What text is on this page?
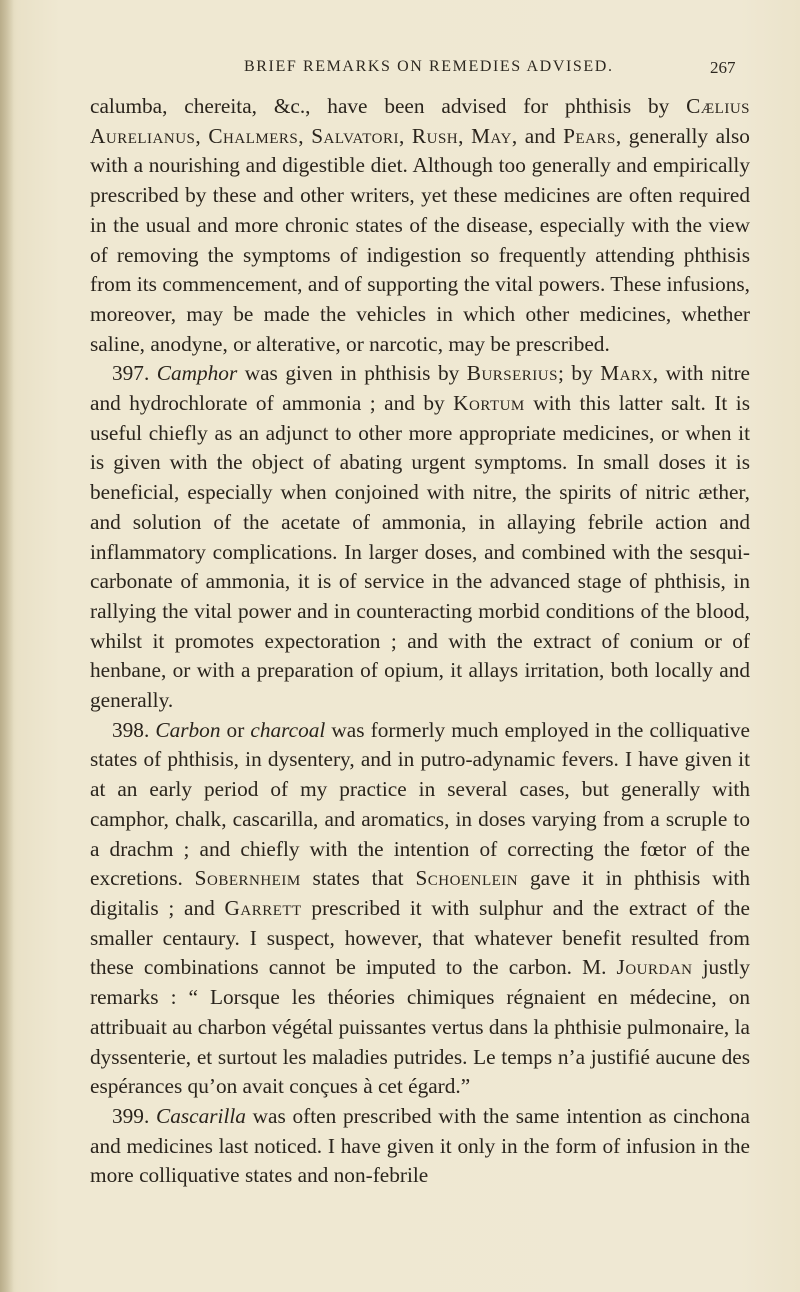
BRIEF REMARKS ON REMEDIES ADVISED.	267

calumba, chereita, &c., have been advised for phthisis by Cælius Aurelianus, Chalmers, Salvatori, Rush, May, and Pears, generally also with a nourishing and digestible diet. Although too generally and empirically prescribed by these and other writers, yet these medicines are often required in the usual and more chronic states of the disease, especially with the view of removing the symptoms of indigestion so frequently attending phthisis from its commencement, and of supporting the vital powers. These infusions, moreover, may be made the vehicles in which other medicines, whether saline, anodyne, or alterative, or narcotic, may be prescribed.

397. Camphor was given in phthisis by Burserius; by Marx, with nitre and hydrochlorate of ammonia ; and by Kortum with this latter salt. It is useful chiefly as an adjunct to other more appropriate medicines, or when it is given with the object of abating urgent symptoms. In small doses it is beneficial, especially when conjoined with nitre, the spirits of nitric æther, and solution of the acetate of ammonia, in allaying febrile action and inflammatory complications. In larger doses, and combined with the sesqui-carbonate of ammonia, it is of service in the advanced stage of phthisis, in rallying the vital power and in counteracting morbid conditions of the blood, whilst it promotes expectoration ; and with the extract of conium or of henbane, or with a preparation of opium, it allays irritation, both locally and generally.

398. Carbon or charcoal was formerly much employed in the colliquative states of phthisis, in dysentery, and in putro-adynamic fevers. I have given it at an early period of my practice in several cases, but generally with camphor, chalk, cascarilla, and aromatics, in doses varying from a scruple to a drachm ; and chiefly with the intention of correcting the fœtor of the excretions. Sobernheim states that Schoenlein gave it in phthisis with digitalis ; and Garrett prescribed it with sulphur and the extract of the smaller centaury. I suspect, however, that whatever benefit resulted from these combinations cannot be imputed to the carbon. M. Jourdan justly remarks : “ Lorsque les théories chimiques régnaient en médecine, on attribuait au charbon végétal puissantes vertus dans la phthisie pulmonaire, la dyssenterie, et surtout les maladies putrides. Le temps n’a justifié aucune des espérances qu’on avait conçues à cet égard.”

399. Cascarilla was often prescribed with the same intention as cinchona and medicines last noticed. I have given it only in the form of infusion in the more colliquative states and non-febrile
